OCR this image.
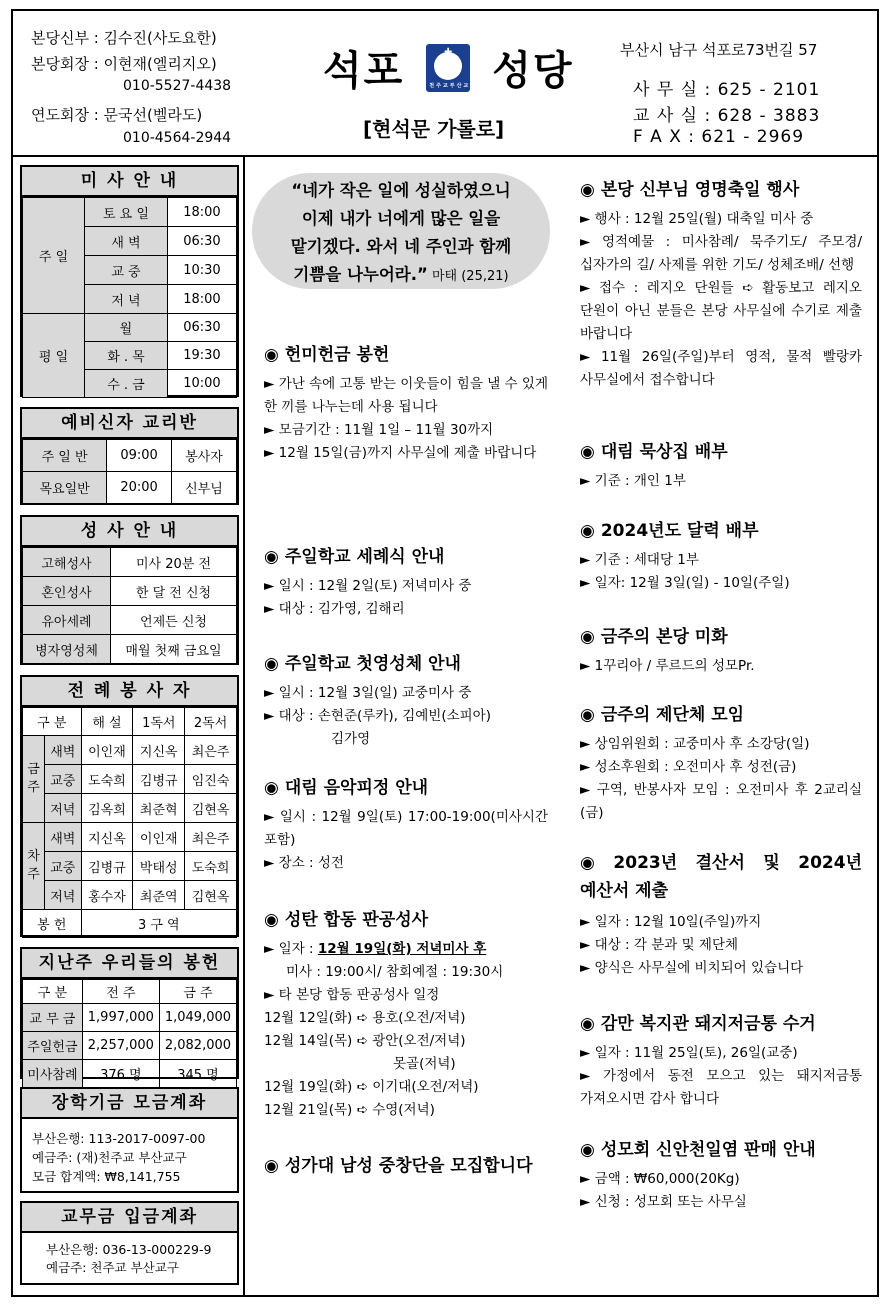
본당신부 : 김수진(사도요한)
본당회장 : 이현재(엘리지오)
010-5527-4438
연도회장 : 문국선(벨라도)
010-4564-2944
석포	✝
천주교부산교구 성당
[현석문 가롤로]
부산시 남구 석포로73번길 57
사 무 실 : 625 - 2101
교 사 실 : 628 - 3883
F A X : 621 - 2969
미 사 안 내
주 일	토 요 일	18:00
	새 벽	06:30
	교 중	10:30
	저 녁	18:00
평 일	월	06:30
	화 . 목	19:30
	수 . 금	10:00
예비신자 교리반
주 일 반	09:00	봉사자
목요일반	20:00	신부님
성 사 안 내
고해성사	미사 20분 전
혼인성사	한 달 전 신청
유아세례	언제든 신청
병자영성체	매월 첫째 금요일
전 례 봉 사 자
구 분		해 설	1독서	2독서
금주	새벽	이인재	지신옥	최은주
	교중	도숙희	김병규	임진숙
	저녁	김옥희	최준혁	김현옥
차주	새벽	지신옥	이인재	최은주
	교중	김병규	박태성	도숙희
	저녁	홍수자	최준역	김현옥
봉 헌		3 구 역		
지난주 우리들의 봉헌
구 분	전 주	금 주
교 무 금	1,997,000	1,049,000
주일헌금	2,257,000	2,082,000
미사참례	376 명	345 명
장학기금 모금계좌
부산은행: 113-2017-0097-00
예금주: (재)천주교 부산교구
모금 합계액: ₩8,141,755
교무금 입금계좌
부산은행: 036-13-000229-9
예금주: 천주교 부산교구
“네가 작은 일에 성실하였으니
이제 내가 너에게 많은 일을
맡기겠다. 와서 네 주인과 함께
기쁨을 나누어라.” 마태 (25,21)
◉ 헌미헌금 봉헌
► 가난 속에 고통 받는 이웃들이 힘을 낼 수 있게 한 끼를 나누는데 사용 됩니다
► 모금기간 : 11월 1일 – 11월 30까지
► 12월 15일(금)까지 사무실에 제출 바랍니다
◉ 주일학교 세례식 안내
► 일시 : 12월 2일(토) 저녁미사 중
► 대상 : 김가영, 김해리
◉ 주일학교 첫영성체 안내
► 일시 : 12월 3일(일) 교중미사 중
► 대상 : 손현준(루카), 김예빈(소피아)
김가영
◉ 대림 음악피정 안내
► 일시 : 12월 9일(토) 17:00-19:00(미사시간 포함)
► 장소 : 성전
◉ 성탄 합동 판공성사
► 일자 : 12월 19일(화) 저녁미사 후
미사 : 19:00시/ 참회예절 : 19:30시
► 타 본당 합동 판공성사 일정
12월 12일(화) ➪ 용호(오전/저녁)
12월 14일(목) ➪ 광안(오전/저녁)
못골(저녁)
12월 19일(화) ➪ 이기대(오전/저녁)
12월 21일(목) ➪ 수영(저녁)
◉ 성가대 남성 중창단을 모집합니다
◉ 본당 신부님 영명축일 행사
► 행사 : 12월 25일(월) 대축일 미사 중
► 영적예물 : 미사참례/ 묵주기도/ 주모경/ 십자가의 길/ 사제를 위한 기도/ 성체조배/ 선행
► 접수 : 레지오 단원들 ➪ 활동보고 레지오 단원이 아닌 분들은 본당 사무실에 수기로 제출 바랍니다
► 11월 26일(주일)부터 영적, 물적 빨랑카 사무실에서 접수합니다
◉ 대림 묵상집 배부
► 기준 : 개인 1부
◉ 2024년도 달력 배부
► 기준 : 세대당 1부
► 일자: 12월 3일(일) - 10일(주일)
◉ 금주의 본당 미화
► 1꾸리아 / 루르드의 성모Pr.
◉ 금주의 제단체 모임
► 상임위원회 : 교중미사 후 소강당(일)
► 성소후원회 : 오전미사 후 성전(금)
► 구역, 반봉사자 모임 : 오전미사 후 2교리실(금)
◉ 2023년 결산서 및 2024년 예산서 제출
► 일자 : 12월 10일(주일)까지
► 대상 : 각 분과 및 제단체
► 양식은 사무실에 비치되어 있습니다
◉ 감만 복지관 돼지저금통 수거
► 일자 : 11월 25일(토), 26일(교중)
► 가정에서 동전 모으고 있는 돼지저금통 가져오시면 감사 합니다
◉ 성모회 신안천일염 판매 안내
► 금액 : ₩60,000(20Kg)
► 신청 : 성모회 또는 사무실
